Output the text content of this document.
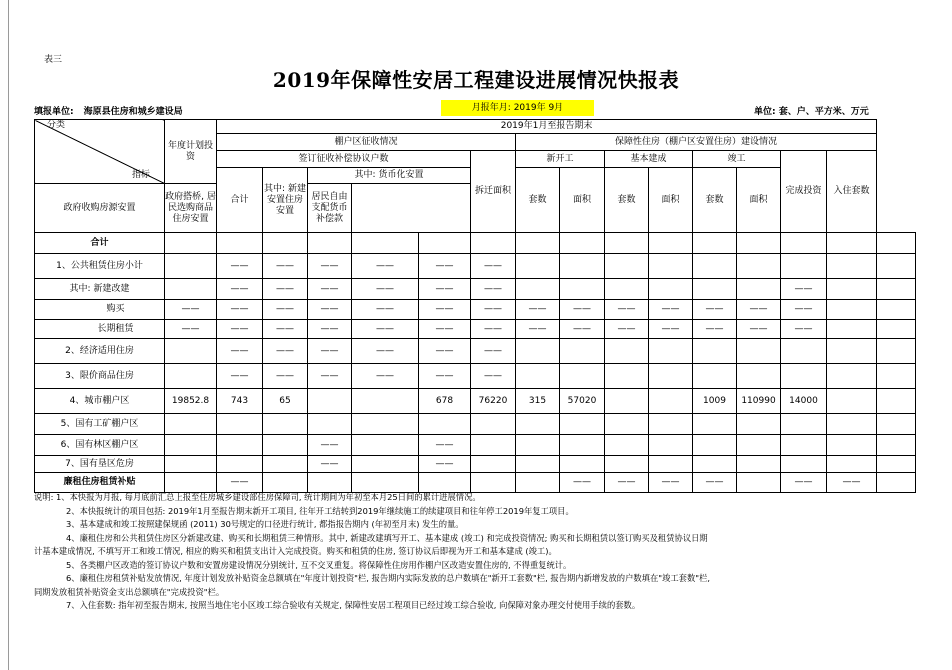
表三
2019年保障性安居工程建设进展情况快报表
填报单位: 海原县住房和城乡建设局	月报年月: 2019年 9月	单位: 套、户、平方米、万元
分类
指标	年度计划投资	2019年1月至报告期末														
		棚户区征收情况						保障性住房（棚户区安置住房）建设情况								
		签订征收补偿协议户数					拆迁面积	新开工		基本建成		竣工		完成投资	入住套数	
		合计	其中: 新建安置住房安置	其中: 货币化安置				套数	面积	套数	面积	套数	面积			
政府收购房源安置	政府搭桥, 居民选购商品住房安置			居民自由支配货币补偿款											
合计																
1、公共租赁住房小计		——	——	——	——	——	——									
其中: 新建改建		——	——	——	——	——	——							——		
购买	——	——	——	——	——	——	——	——	——	——	——	——	——	——		
长期租赁	——	——	——	——	——	——	——	——	——	——	——	——	——	——		
2、经济适用住房		——	——	——	——	——	——									
3、限价商品住房		——	——	——	——	——	——									
4、城市棚户区	19852.8	743	65			678	76220	315	57020			1009	110990	14000		
5、国有工矿棚户区																
6、国有林区棚户区				——		——										
7、国有垦区危房				——		——										
廉租住房租赁补贴		——							——	——	——	——		——	——	
说明: 1、本快报为月报, 每月底前汇总上报至住房城乡建设部住房保障司, 统计期间为年初至本月25日间的累计进展情况。
2、本快报统计的项目包括: 2019年1月至报告期末新开工项目, 往年开工结转到2019年继续施工的续建项目和往年停工2019年复工项目。
3、基本建成和竣工按照建保规函 (2011) 30号规定的口径进行统计, 都指报告期内 (年初至月末) 发生的量。
4、廉租住房和公共租赁住房区分新建改建、购买和长期租赁三种情形。其中, 新建改建填写开工、基本建成 (竣工) 和完成投资情况; 购买和长期租赁以签订购买及租赁协议日期
计基本建成情况, 不填写开工和竣工情况, 相应的购买和租赁支出计入完成投资。购买和租赁的住房, 签订协议后即视为开工和基本建成 (竣工)。
5、各类棚户区改造的签订协议户数和安置房建设情况分别统计, 互不交叉重复。将保障性住房用作棚户区改造安置住房的, 不得重复统计。
6、廉租住房租赁补贴发放情况, 年度计划发放补贴资金总额填在"年度计划投资"栏, 报告期内实际发放的总户数填在"新开工套数"栏, 报告期内新增发放的户数填在"竣工套数"栏,
同期发放租赁补贴资金支出总额填在"完成投资"栏。
7、入住套数: 指年初至报告期末, 按照当地住宅小区竣工综合验收有关规定, 保障性安居工程项目已经过竣工综合验收, 向保障对象办理交付使用手续的套数。
